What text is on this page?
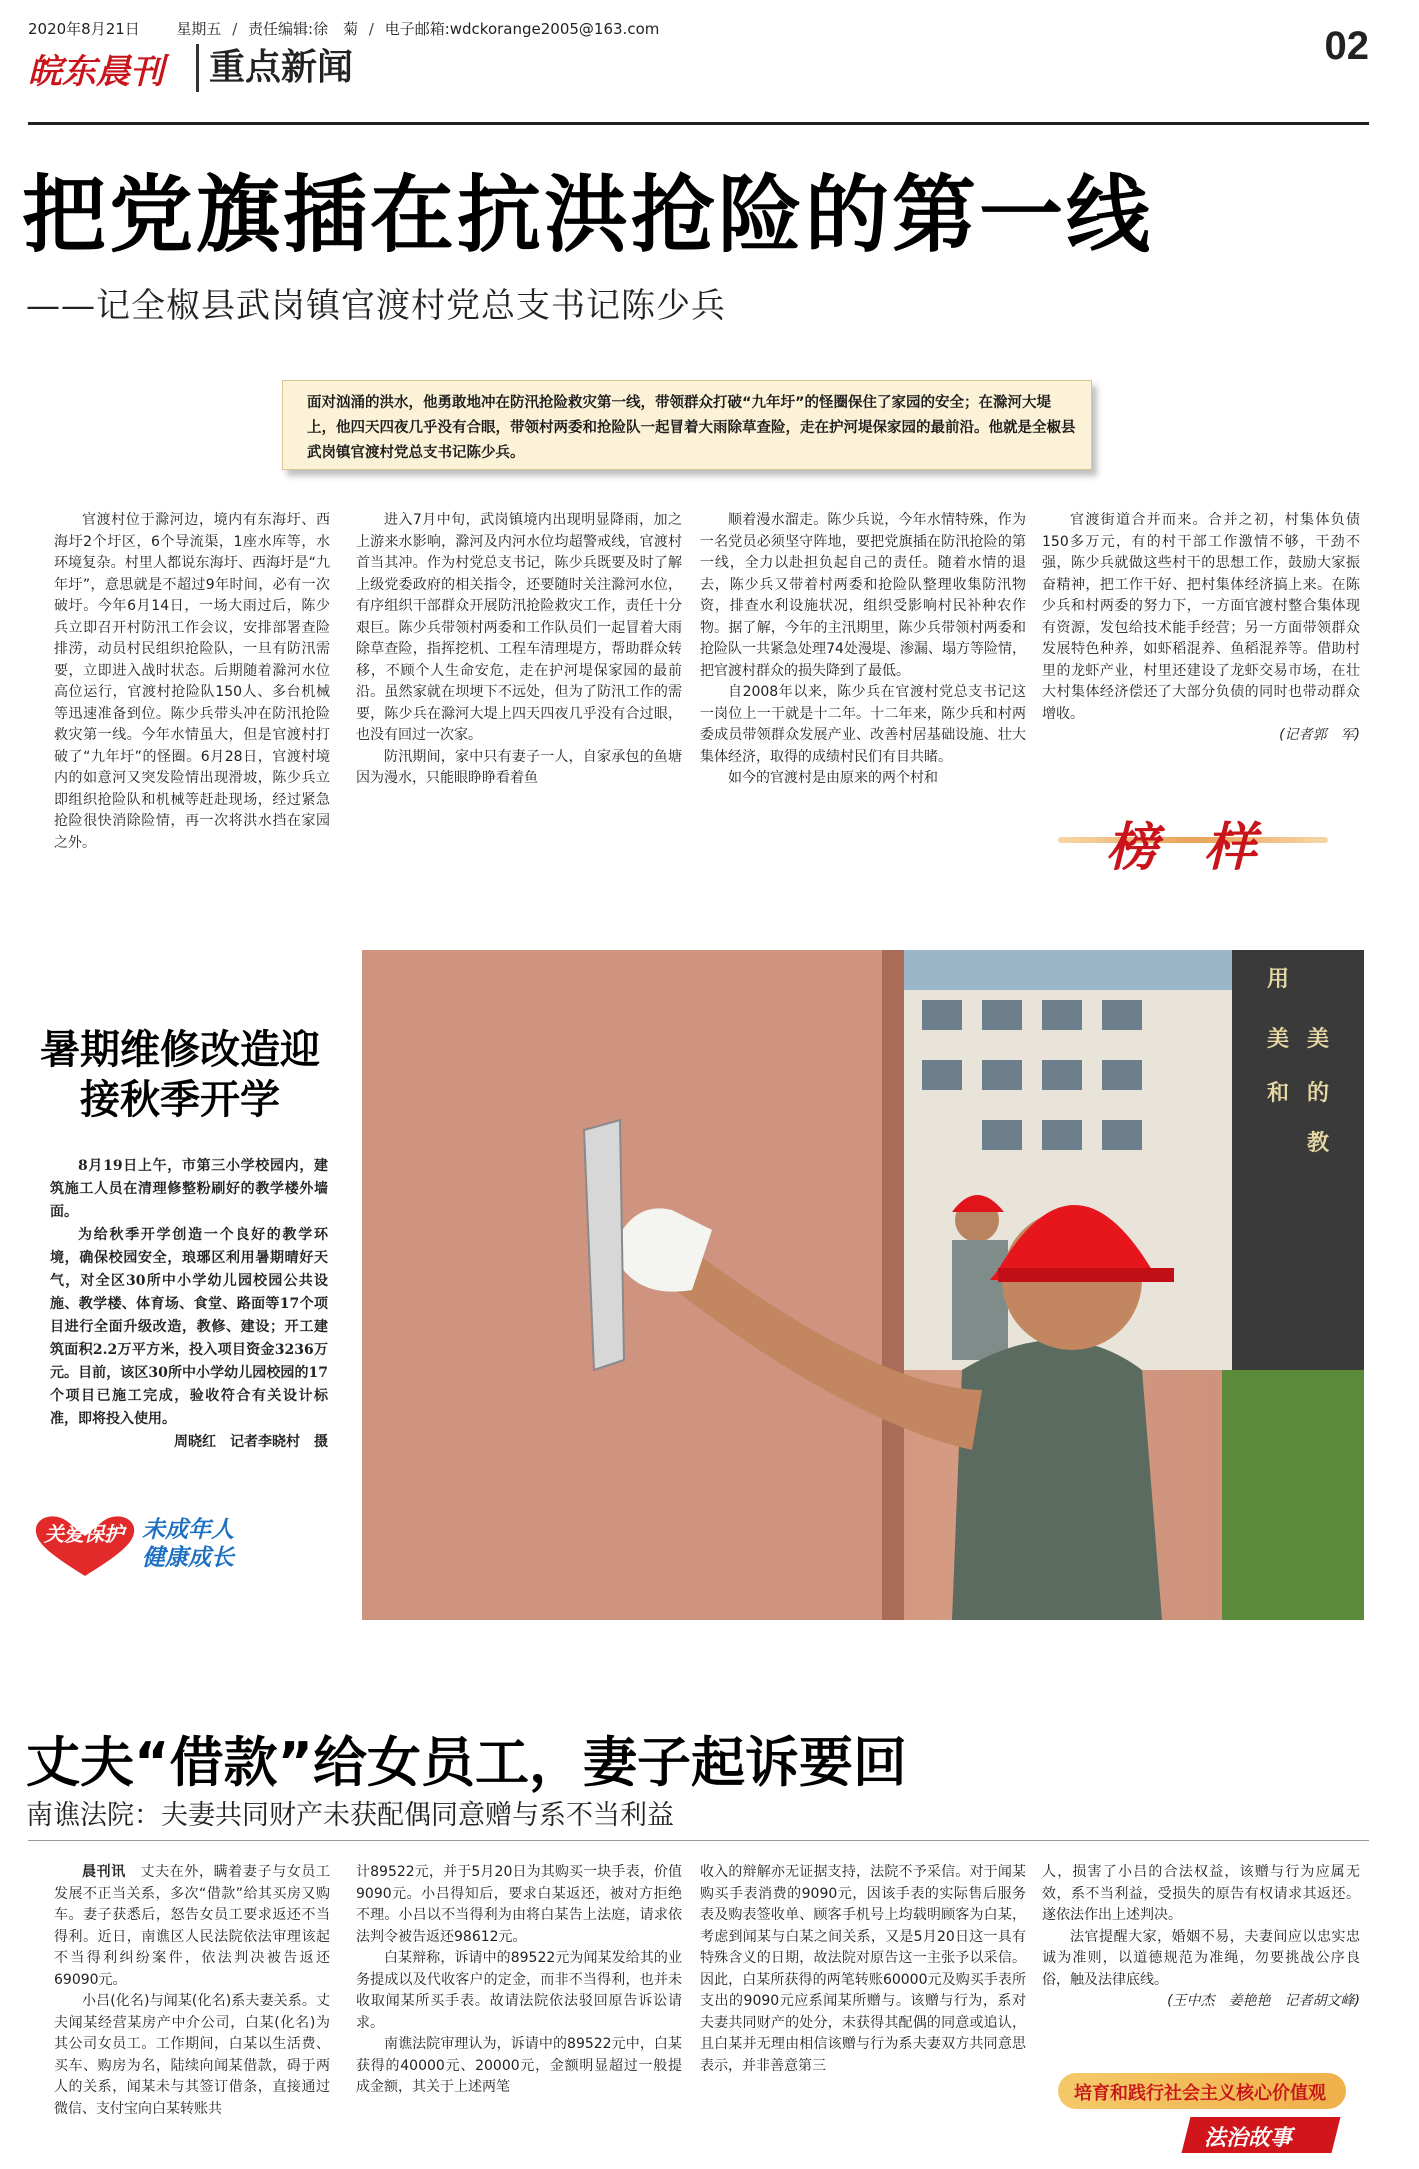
2020年8月21日 　 星期五 / 责任编辑:徐　菊 / 电子邮箱:wdckorange2005@163.com	02
皖东晨刊	重点新闻
把党旗插在抗洪抢险的第一线
——记全椒县武岗镇官渡村党总支书记陈少兵
面对汹涌的洪水，他勇敢地冲在防汛抢险救灾第一线，带领群众打破“九年圩”的怪圈保住了家园的安全；在滁河大堤上，他四天四夜几乎没有合眼，带领村两委和抢险队一起冒着大雨除草查险，走在护河堤保家园的最前沿。他就是全椒县武岗镇官渡村党总支书记陈少兵。

官渡村位于滁河边，境内有东海圩、西海圩2个圩区，6个导流渠，1座水库等，水环境复杂。村里人都说东海圩、西海圩是“九年圩”，意思就是不超过9年时间，必有一次破圩。今年6月14日，一场大雨过后，陈少兵立即召开村防汛工作会议，安排部署查险排涝，动员村民组织抢险队，一旦有防汛需要，立即进入战时状态。后期随着滁河水位高位运行，官渡村抢险队150人、多台机械等迅速准备到位。陈少兵带头冲在防汛抢险救灾第一线。今年水情虽大，但是官渡村打破了“九年圩”的怪圈。6月28日，官渡村境内的如意河又突发险情出现滑坡，陈少兵立即组织抢险队和机械等赶赴现场，经过紧急抢险很快消除险情，再一次将洪水挡在家园之外。

进入7月中旬，武岗镇境内出现明显降雨，加之上游来水影响，滁河及内河水位均超警戒线，官渡村首当其冲。作为村党总支书记，陈少兵既要及时了解上级党委政府的相关指令，还要随时关注滁河水位，有序组织干部群众开展防汛抢险救灾工作，责任十分艰巨。陈少兵带领村两委和工作队员们一起冒着大雨除草查险，指挥挖机、工程车清理堤方，帮助群众转移，不顾个人生命安危，走在护河堤保家园的最前沿。虽然家就在坝埂下不远处，但为了防汛工作的需要，陈少兵在滁河大堤上四天四夜几乎没有合过眼，也没有回过一次家。

防汛期间，家中只有妻子一人，自家承包的鱼塘因为漫水，只能眼睁睁看着鱼

顺着漫水溜走。陈少兵说，今年水情特殊，作为一名党员必须坚守阵地，要把党旗插在防汛抢险的第一线，全力以赴担负起自己的责任。随着水情的退去，陈少兵又带着村两委和抢险队整理收集防汛物资，排查水利设施状况，组织受影响村民补种农作物。据了解，今年的主汛期里，陈少兵带领村两委和抢险队一共紧急处理74处漫堤、渗漏、塌方等险情，把官渡村群众的损失降到了最低。

自2008年以来，陈少兵在官渡村党总支书记这一岗位上一干就是十二年。十二年来，陈少兵和村两委成员带领群众发展产业、改善村居基础设施、壮大集体经济，取得的成绩村民们有目共睹。

如今的官渡村是由原来的两个村和

官渡街道合并而来。合并之初，村集体负债150多万元，有的村干部工作激情不够，干劲不强，陈少兵就做这些村干的思想工作，鼓励大家振奋精神，把工作干好、把村集体经济搞上来。在陈少兵和村两委的努力下，一方面官渡村整合集体现有资源，发包给技术能手经营；另一方面带领群众发展特色种养，如虾稻混养、鱼稻混养等。借助村里的龙虾产业，村里还建设了龙虾交易市场，在壮大村集体经济偿还了大部分负债的同时也带动群众增收。

(记者郭　军)
榜 样
暑期维修改造迎接秋季开学

8月19日上午，市第三小学校园内，建筑施工人员在清理修整粉刷好的教学楼外墙面。

为给秋季开学创造一个良好的教学环境，确保校园安全，琅琊区利用暑期晴好天气，对全区30所中小学幼儿园校园公共设施、教学楼、体育场、食堂、路面等17个项目进行全面升级改造，教修、建设；开工建筑面积2.2万平方米，投入项目资金3236万元。目前，该区30所中小学幼儿园校园的17个项目已施工完成，验收符合有关设计标准，即将投入使用。

周晓红　记者李晓村　摄

用
美
和
美
的
教
关爱保护 未成年人
健康成长
丈夫“借款”给女员工，妻子起诉要回
南谯法院：夫妻共同财产未获配偶同意赠与系不当利益

晨刊讯　 丈夫在外，瞒着妻子与女员工发展不正当关系，多次“借款”给其买房又购车。妻子获悉后，怒告女员工要求返还不当得利。近日，南谯区人民法院依法审理该起不当得利纠纷案件，依法判决被告返还69090元。

小吕(化名)与闻某(化名)系夫妻关系。丈夫闻某经营某房产中介公司，白某(化名)为其公司女员工。工作期间，白某以生活费、买车、购房为名，陆续向闻某借款，碍于两人的关系，闻某未与其签订借条，直接通过微信、支付宝向白某转账共

计89522元，并于5月20日为其购买一块手表，价值9090元。小吕得知后，要求白某返还，被对方拒绝不理。小吕以不当得利为由将白某告上法庭，请求依法判令被告返还98612元。

白某辩称，诉请中的89522元为闻某发给其的业务提成以及代收客户的定金，而非不当得利，也并未收取闻某所买手表。故请法院依法驳回原告诉讼请求。

南谯法院审理认为，诉请中的89522元中，白某获得的40000元、20000元，金额明显超过一般提成金额，其关于上述两笔

收入的辩解亦无证据支持，法院不予采信。对于闻某购买手表消费的9090元，因该手表的实际售后服务表及购表签收单、顾客手机号上均载明顾客为白某，考虑到闻某与白某之间关系，又是5月20日这一具有特殊含义的日期，故法院对原告这一主张予以采信。因此，白某所获得的两笔转账60000元及购买手表所支出的9090元应系闻某所赠与。该赠与行为，系对夫妻共同财产的处分，未获得其配偶的同意或追认，且白某并无理由相信该赠与行为系夫妻双方共同意思表示，并非善意第三

人，损害了小吕的合法权益，该赠与行为应属无效，系不当利益，受损失的原告有权请求其返还。遂依法作出上述判决。

法官提醒大家，婚姻不易，夫妻间应以忠实忠诚为准则，以道德规范为准绳，勿要挑战公序良俗，触及法律底线。

(王中杰　姜艳艳　记者胡文峰)
培育和践行社会主义核心价值观
法治故事
